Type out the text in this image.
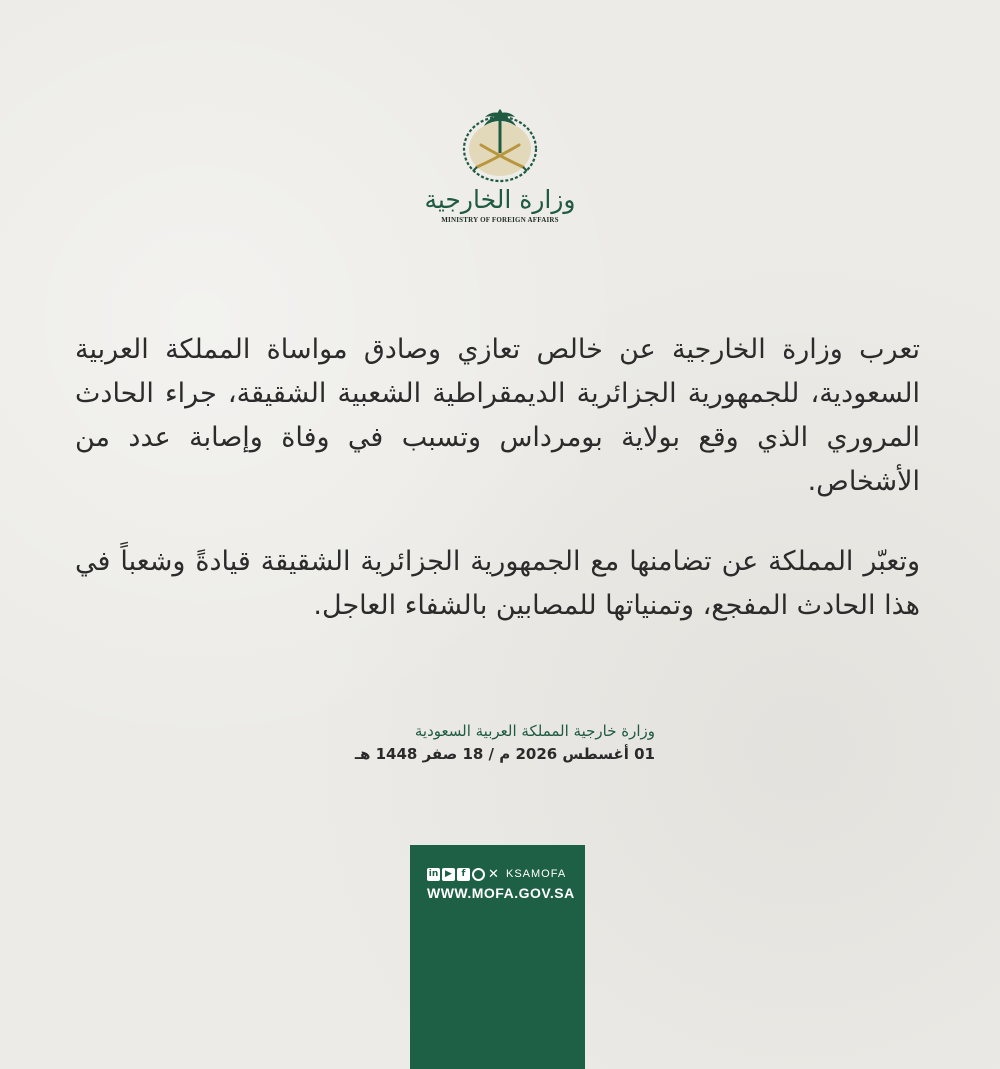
وزارة الخارجية
MINISTRY OF FOREIGN AFFAIRS

تعرب وزارة الخارجية عن خالص تعازي وصادق مواساة المملكة العربية السعودية، للجمهورية الجزائرية الديمقراطية الشعبية الشقيقة، جراء الحادث المروري الذي وقع بولاية بومرداس وتسبب في وفاة وإصابة عدد من الأشخاص.

وتعبّر المملكة عن تضامنها مع الجمهورية الجزائرية الشقيقة قيادةً وشعباً في هذا الحادث المفجع، وتمنياتها للمصابين بالشفاء العاجل.

وزارة خارجية المملكة العربية السعودية
01 أغسطس 2026 م / 18 صفر 1448 هـ
in ▶	f	✕ KSAMOFA
WWW.MOFA.GOV.SA
